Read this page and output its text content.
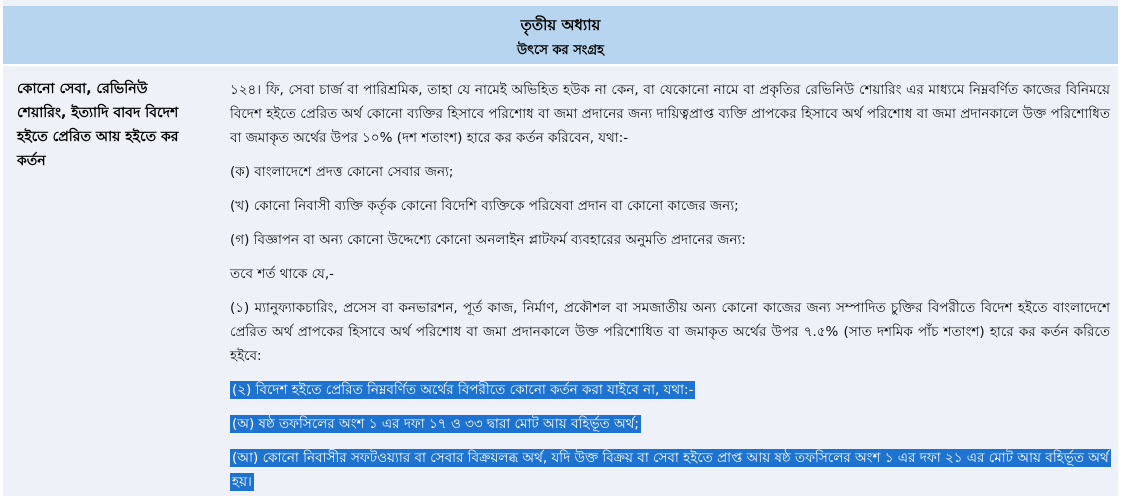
তৃতীয় অধ্যায়
উৎসে কর সংগ্রহ
কোনো সেবা, রেভিনিউ শেয়ারিং, ইত্যাদি বাবদ বিদেশ হইতে প্রেরিত আয় হইতে কর কর্তন

১২৪। ফি, সেবা চার্জ বা পারিশ্রমিক, তাহা যে নামেই অভিহিত হউক না কেন, বা যেকোনো নামে বা প্রকৃতির রেভিনিউ শেয়ারিং এর মাধ্যমে নিম্নবর্ণিত কাজের বিনিময়ে বিদেশ হইতে প্রেরিত অর্থ কোনো ব্যক্তির হিসাবে পরিশোধ বা জমা প্রদানের জন্য দায়িত্বপ্রাপ্ত ব্যক্তি প্রাপকের হিসাবে অর্থ পরিশোধ বা জমা প্রদানকালে উক্ত পরিশোধিত বা জমাকৃত অর্থের উপর ১০% (দশ শতাংশ) হারে কর কর্তন করিবেন, যথা:-

(ক) বাংলাদেশে প্রদত্ত কোনো সেবার জন্য;

(খ) কোনো নিবাসী ব্যক্তি কর্তৃক কোনো বিদেশি ব্যক্তিকে পরিষেবা প্রদান বা কোনো কাজের জন্য;

(গ) বিজ্ঞাপন বা অন্য কোনো উদ্দেশ্যে কোনো অনলাইন প্লাটফর্ম ব্যবহারের অনুমতি প্রদানের জন্য:

তবে শর্ত থাকে যে,-

(১) ম্যানুফ্যাকচারিং, প্রসেস বা কনভারশন, পূর্ত কাজ, নির্মাণ, প্রকৌশল বা সমজাতীয় অন্য কোনো কাজের জন্য সম্পাদিত চুক্তির বিপরীতে বিদেশ হইতে বাংলাদেশে প্রেরিত অর্থ প্রাপকের হিসাবে অর্থ পরিশোধ বা জমা প্রদানকালে উক্ত পরিশোধিত বা জমাকৃত অর্থের উপর ৭.৫% (সাত দশমিক পাঁচ শতাংশ) হারে কর কর্তন করিতে হইবে:

(২) বিদেশ হইতে প্রেরিত নিম্নবর্ণিত অর্থের বিপরীতে কোনো কর্তন করা যাইবে না, যথা:-

(অ) ষষ্ঠ তফসিলের অংশ ১ এর দফা ১৭ ও ৩৩ দ্বারা মোট আয় বহির্ভূত অর্থ;

(আ) কোনো নিবাসীর সফটওয়্যার বা সেবার বিক্রয়লব্ধ অর্থ, যদি উক্ত বিক্রয় বা সেবা হইতে প্রাপ্ত আয় ষষ্ঠ তফসিলের অংশ ১ এর দফা ২১ এর মোট আয় বহির্ভূত অর্থ হয়।
